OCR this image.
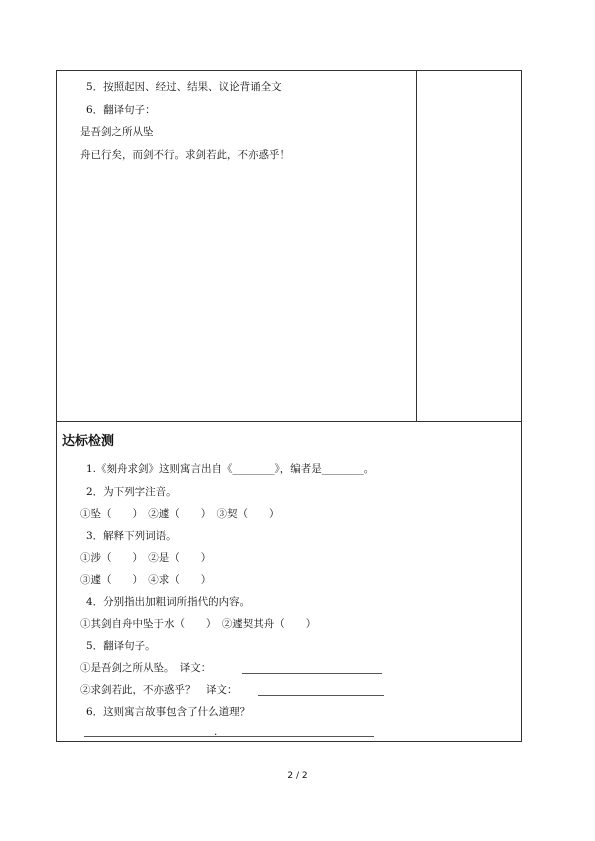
5．按照起因、经过、结果、议论背诵全文
6．翻译句子：
是吾剑之所从坠
舟已行矣，而剑不行。求剑若此，不亦惑乎！
达标检测
1.《刻舟求剑》这则寓言出自《________》，编者是________。
2．为下列字注音。
①坠（　　）　②遽（　　）　③契（　　）
3．解释下列词语。
①涉（　　）　②是（　　）
③遽（　　）　④求（　　）
4．分别指出加粗词所指代的内容。
①其剑自舟中坠于水（　　）　②遽契其舟（　　）
5．翻译句子。
①是吾剑之所从坠。　译文：
②求剑若此，不亦惑乎？　译文：
6．这则寓言故事包含了什么道理？
.
2 / 2
